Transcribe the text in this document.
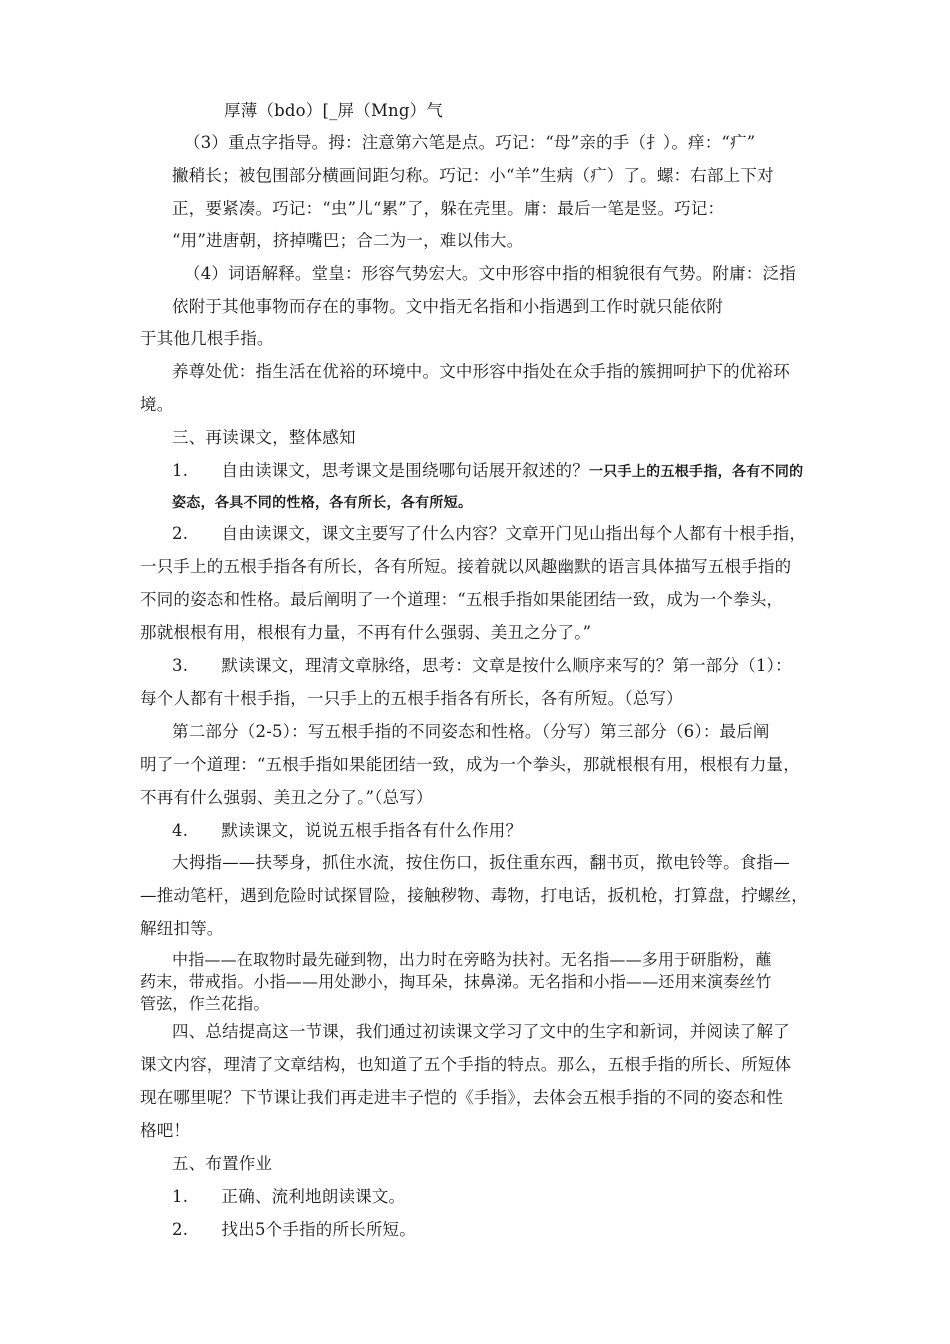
厚薄（bdo）[_屏（Mng）气
（3）重点字指导。拇：注意第六笔是点。巧记：“母”亲的手（扌）。痒：“疒”
撇稍长；被包围部分横画间距匀称。巧记：小“羊”生病（疒）了。螺：右部上下对
正，要紧凑。巧记：“虫”儿“累”了，躲在壳里。庸：最后一笔是竖。巧记：
“用”进唐朝，挤掉嘴巴；合二为一，难以伟大。
（4）词语解释。堂皇：形容气势宏大。文中形容中指的相貌很有气势。附庸：泛指
依附于其他事物而存在的事物。文中指无名指和小指遇到工作时就只能依附
于其他几根手指。
养尊处优：指生活在优裕的环境中。文中形容中指处在众手指的簇拥呵护下的优裕环
境。
三、再读课文，整体感知
1.　　自由读课文，思考课文是围绕哪句话展开叙述的？一只手上的五根手指，各有不同的
姿态，各具不同的性格，各有所长，各有所短。
2.　　自由读课文，课文主要写了什么内容？文章开门见山指出每个人都有十根手指，
一只手上的五根手指各有所长，各有所短。接着就以风趣幽默的语言具体描写五根手指的
不同的姿态和性格。最后阐明了一个道理：“五根手指如果能团结一致，成为一个拳头，
那就根根有用，根根有力量，不再有什么强弱、美丑之分了。”
3.　　默读课文，理清文章脉络，思考：文章是按什么顺序来写的？第一部分（1）：
每个人都有十根手指，一只手上的五根手指各有所长，各有所短。（总写）
第二部分（2-5）：写五根手指的不同姿态和性格。（分写）第三部分（6）：最后阐
明了一个道理：“五根手指如果能团结一致，成为一个拳头，那就根根有用，根根有力量，
不再有什么强弱、美丑之分了。”（总写）
4.　　默读课文，说说五根手指各有什么作用？
大拇指——扶琴身，抓住水流，按住伤口，扳住重东西，翻书页，揿电铃等。食指—
—推动笔杆，遇到危险时试探冒险，接触秽物、毒物，打电话，扳机枪，打算盘，拧螺丝，
解纽扣等。
中指——在取物时最先碰到物，出力时在旁略为扶衬。无名指——多用于研脂粉，蘸
药末，带戒指。小指——用处渺小，掏耳朵，抹鼻涕。无名指和小指——还用来演奏丝竹
管弦，作兰花指。
四、总结提高这一节课，我们通过初读课文学习了文中的生字和新词，并阅读了解了
课文内容，理清了文章结构，也知道了五个手指的特点。那么，五根手指的所长、所短体
现在哪里呢？下节课让我们再走进丰子恺的《手指》，去体会五根手指的不同的姿态和性
格吧！
五、布置作业
1.　　正确、流利地朗读课文。
2.　　找出5个手指的所长所短。
